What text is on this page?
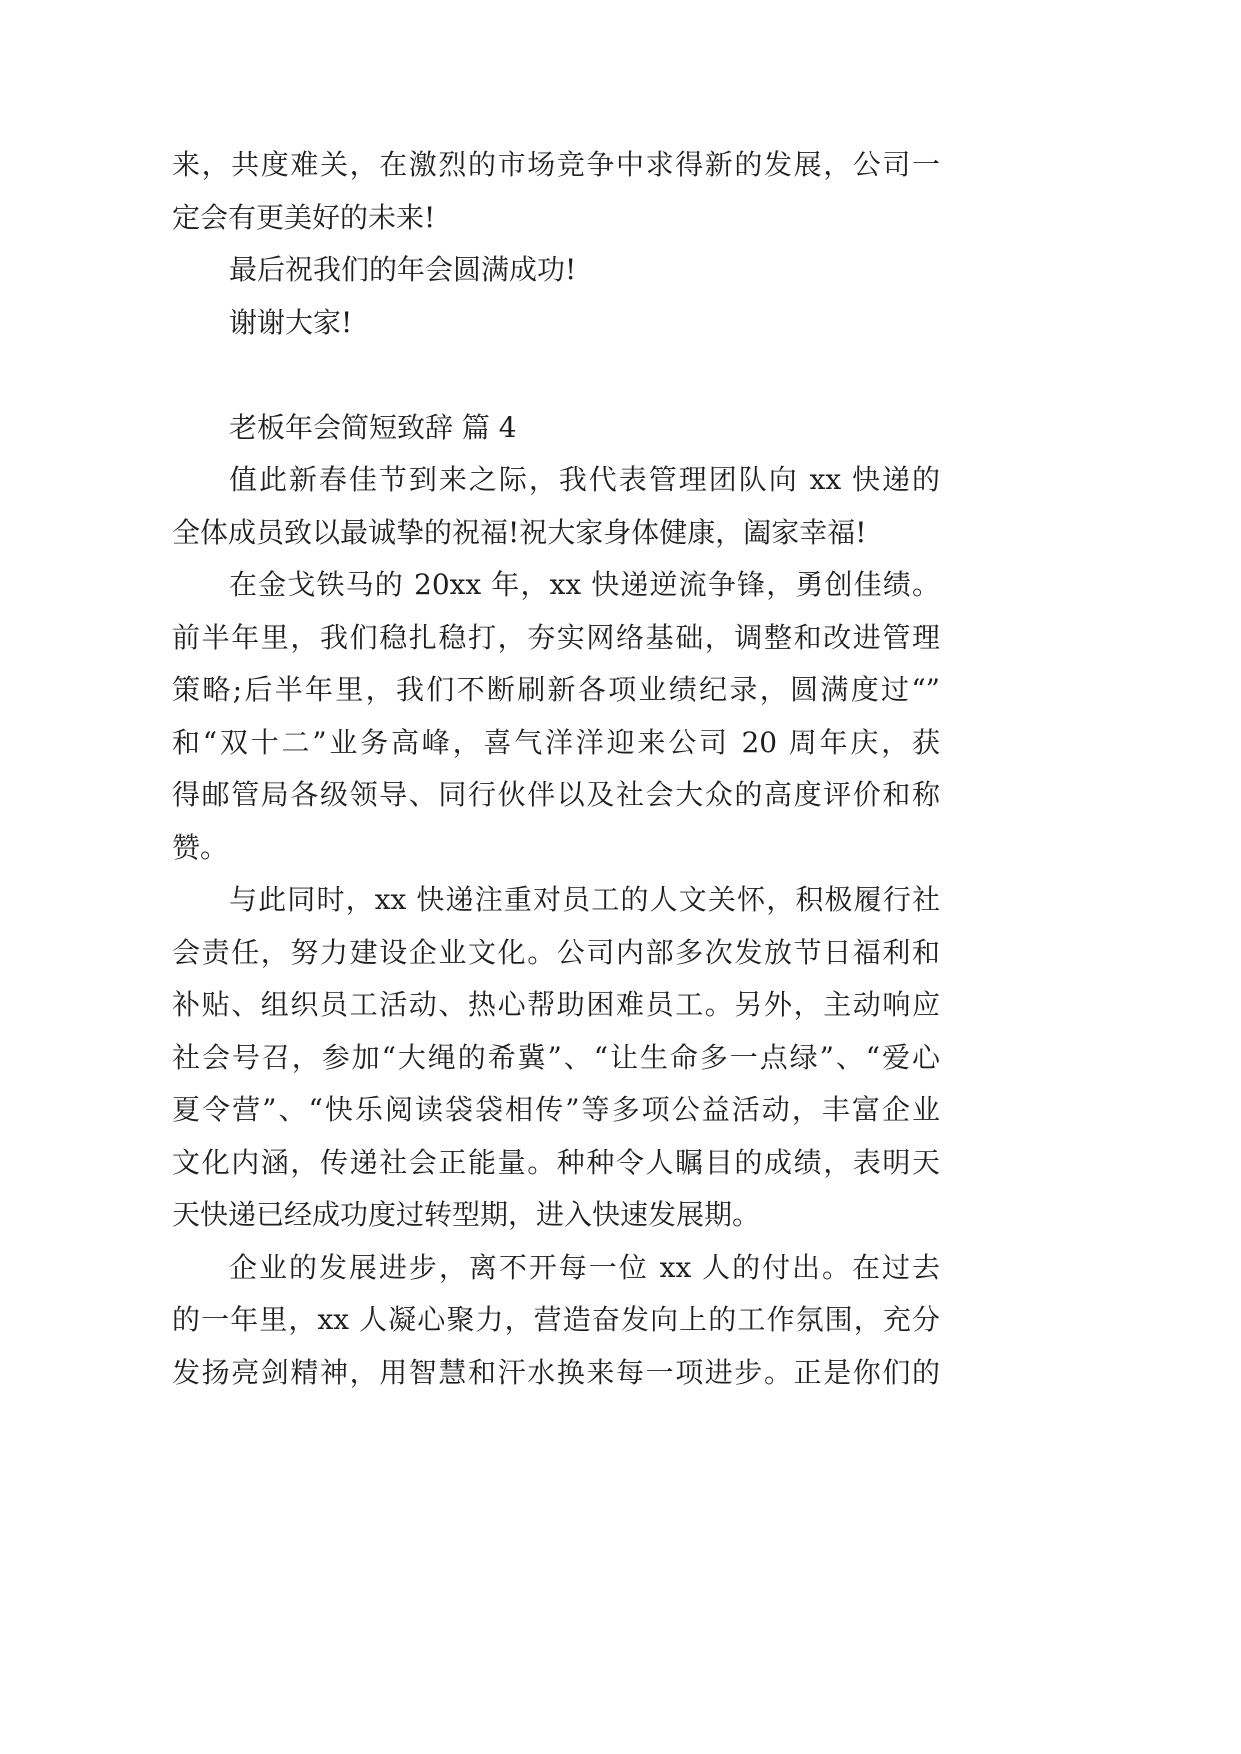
来，共度难关，在激烈的市场竞争中求得新的发展，公司一
定会有更美好的未来!
最后祝我们的年会圆满成功!
谢谢大家!
老板年会简短致辞 篇 4
值此新春佳节到来之际，我代表管理团队向 xx 快递的
全体成员致以最诚挚的祝福!祝大家身体健康，阖家幸福!
在金戈铁马的 20xx 年，xx 快递逆流争锋，勇创佳绩。
前半年里，我们稳扎稳打，夯实网络基础，调整和改进管理
策略;后半年里，我们不断刷新各项业绩纪录，圆满度过“”
和“双十二”业务高峰，喜气洋洋迎来公司 20 周年庆，获
得邮管局各级领导、同行伙伴以及社会大众的高度评价和称
赞。
与此同时，xx 快递注重对员工的人文关怀，积极履行社
会责任，努力建设企业文化。公司内部多次发放节日福利和
补贴、组织员工活动、热心帮助困难员工。另外，主动响应
社会号召，参加“大绳的希冀”、“让生命多一点绿”、“爱心
夏令营”、“快乐阅读袋袋相传”等多项公益活动，丰富企业
文化内涵，传递社会正能量。种种令人瞩目的成绩，表明天
天快递已经成功度过转型期，进入快速发展期。
企业的发展进步，离不开每一位 xx 人的付出。在过去
的一年里，xx 人凝心聚力，营造奋发向上的工作氛围，充分
发扬亮剑精神，用智慧和汗水换来每一项进步。正是你们的
